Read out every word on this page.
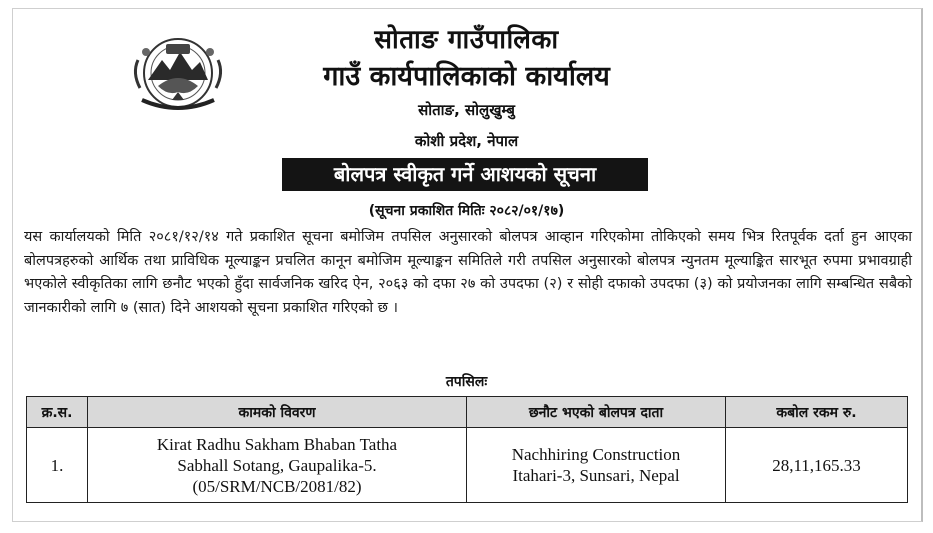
सोताङ गाउँपालिका
गाउँ कार्यपालिकाको कार्यालय
सोताङ, सोलुखुम्बु
कोशी प्रदेश, नेपाल
बोलपत्र स्वीकृत गर्ने आशयको सूचना
(सूचना प्रकाशित मितिः २०८२/०१/१७)
यस कार्यालयको मिति २०८१/१२/१४ गते प्रकाशित सूचना बमोजिम तपसिल अनुसारको बोलपत्र आव्हान गरिएकोमा तोकिएको समय भित्र रितपूर्वक दर्ता हुन आएका बोलपत्रहरुको आर्थिक तथा प्राविधिक मूल्याङ्कन प्रचलित कानून बमोजिम मूल्याङ्कन समितिले गरी तपसिल अनुसारको बोलपत्र न्युनतम मूल्याङ्कित सारभूत रुपमा प्रभावग्राही भएकोले स्वीकृतिका लागि छनौट भएको हुँदा सार्वजनिक खरिद ऐन, २०६३ को दफा २७ को उपदफा (२) र सोही दफाको उपदफा (३) को प्रयोजनका लागि सम्बन्धित सबैको जानकारीको लागि ७ (सात) दिने आशयको सूचना प्रकाशित गरिएको छ ।
तपसिलः
क्र.स.	कामको विवरण	छनौट भएको बोलपत्र दाता	कबोल रकम रु.
1.	Kirat Radhu Sakham Bhaban Tatha
Sabhall Sotang, Gaupalika-5.
(05/SRM/NCB/2081/82)	Nachhiring Construction
Itahari-3, Sunsari, Nepal	28,11,165.33
